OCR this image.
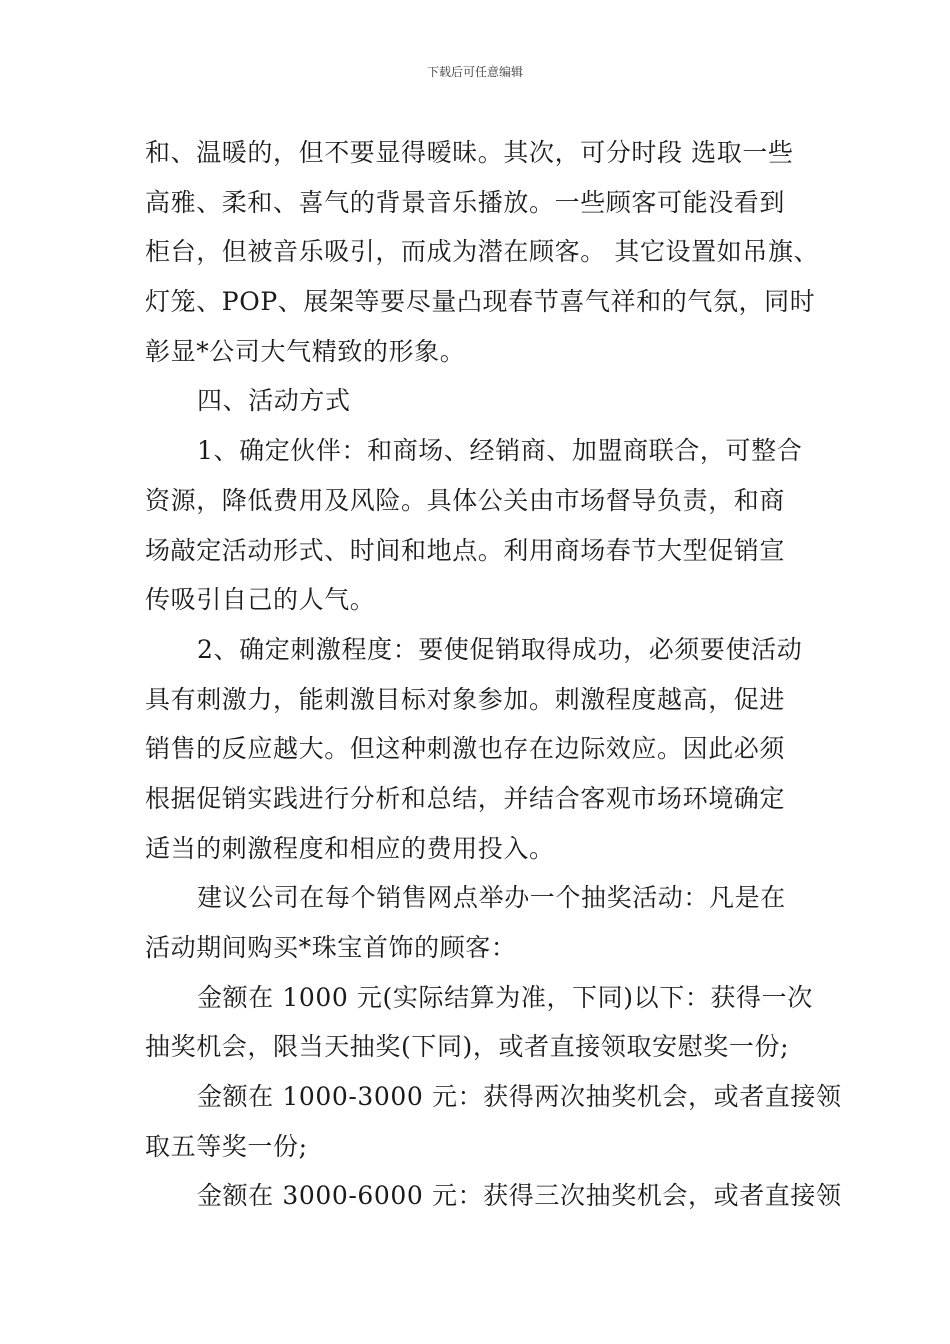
下载后可任意编辑

和、温暖的，但不要显得暧昧。其次，可分时段 选取一些
高雅、柔和、喜气的背景音乐播放。一些顾客可能没看到
柜台，但被音乐吸引，而成为潜在顾客。 其它设置如吊旗、
灯笼、POP、展架等要尽量凸现春节喜气祥和的气氛，同时
彰显*公司大气精致的形象。

四、活动方式

1、确定伙伴：和商场、经销商、加盟商联合，可整合
资源，降低费用及风险。具体公关由市场督导负责，和商
场敲定活动形式、时间和地点。利用商场春节大型促销宣
传吸引自己的人气。

2、确定刺激程度：要使促销取得成功，必须要使活动
具有刺激力，能刺激目标对象参加。刺激程度越高，促进
销售的反应越大。但这种刺激也存在边际效应。因此必须
根据促销实践进行分析和总结，并结合客观市场环境确定
适当的刺激程度和相应的费用投入。

建议公司在每个销售网点举办一个抽奖活动：凡是在
活动期间购买*珠宝首饰的顾客：

金额在 1000 元(实际结算为准，下同)以下：获得一次
抽奖机会，限当天抽奖(下同)，或者直接领取安慰奖一份;

金额在 1000-3000 元：获得两次抽奖机会，或者直接领
取五等奖一份;

金额在 3000-6000 元：获得三次抽奖机会，或者直接领
